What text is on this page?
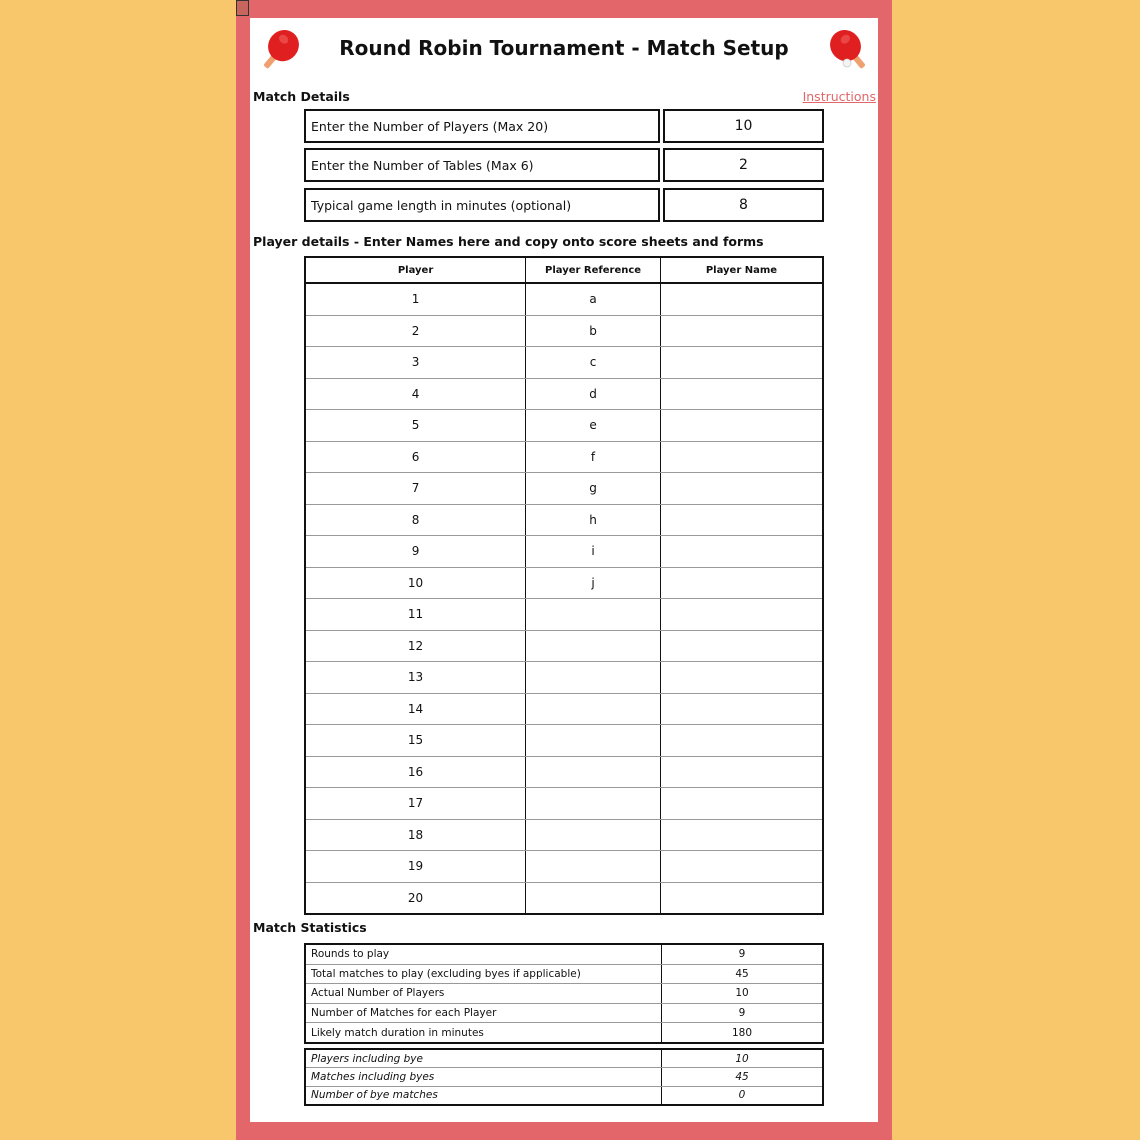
Round Robin Tournament - Match Setup
Match Details	Instructions
Enter the Number of Players (Max 20)	10
Enter the Number of Tables (Max 6)	2
Typical game length in minutes (optional)	8
Player details - Enter Names here and copy onto score sheets and forms
Player	Player Reference	Player Name
1	a	
2	b	
3	c	
4	d	
5	e	
6	f	
7	g	
8	h	
9	i	
10	j	
11		
12		
13		
14		
15		
16		
17		
18		
19		
20		
Match Statistics
Rounds to play	9
Total matches to play (excluding byes if applicable)	45
Actual Number of Players	10
Number of Matches for each Player	9
Likely match duration in minutes	180
Players including bye	10
Matches including byes	45
Number of bye matches	0
